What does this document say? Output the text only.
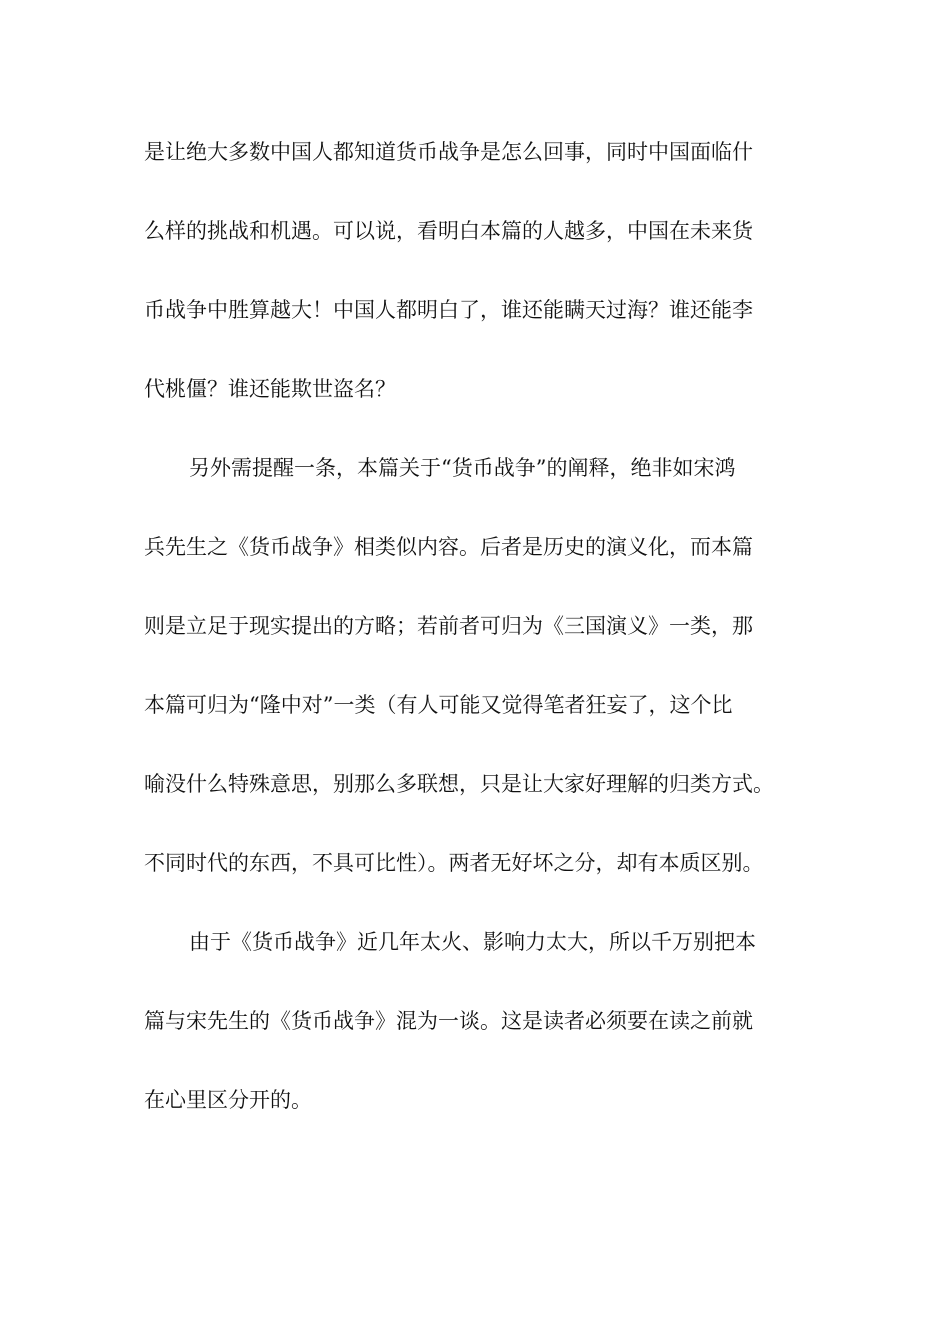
是让绝大多数中国人都知道货币战争是怎么回事，同时中国面临什
么样的挑战和机遇。可以说，看明白本篇的人越多，中国在未来货
币战争中胜算越大！中国人都明白了，谁还能瞒天过海？谁还能李
代桃僵？谁还能欺世盗名？
另外需提醒一条，本篇关于“货币战争”的阐释，绝非如宋鸿
兵先生之《货币战争》相类似内容。后者是历史的演义化，而本篇
则是立足于现实提出的方略；若前者可归为《三国演义》一类，那
本篇可归为“隆中对”一类（有人可能又觉得笔者狂妄了，这个比
喻没什么特殊意思，别那么多联想，只是让大家好理解的归类方式。
不同时代的东西，不具可比性）。两者无好坏之分，却有本质区别。
由于《货币战争》近几年太火、影响力太大，所以千万别把本
篇与宋先生的《货币战争》混为一谈。这是读者必须要在读之前就
在心里区分开的。
